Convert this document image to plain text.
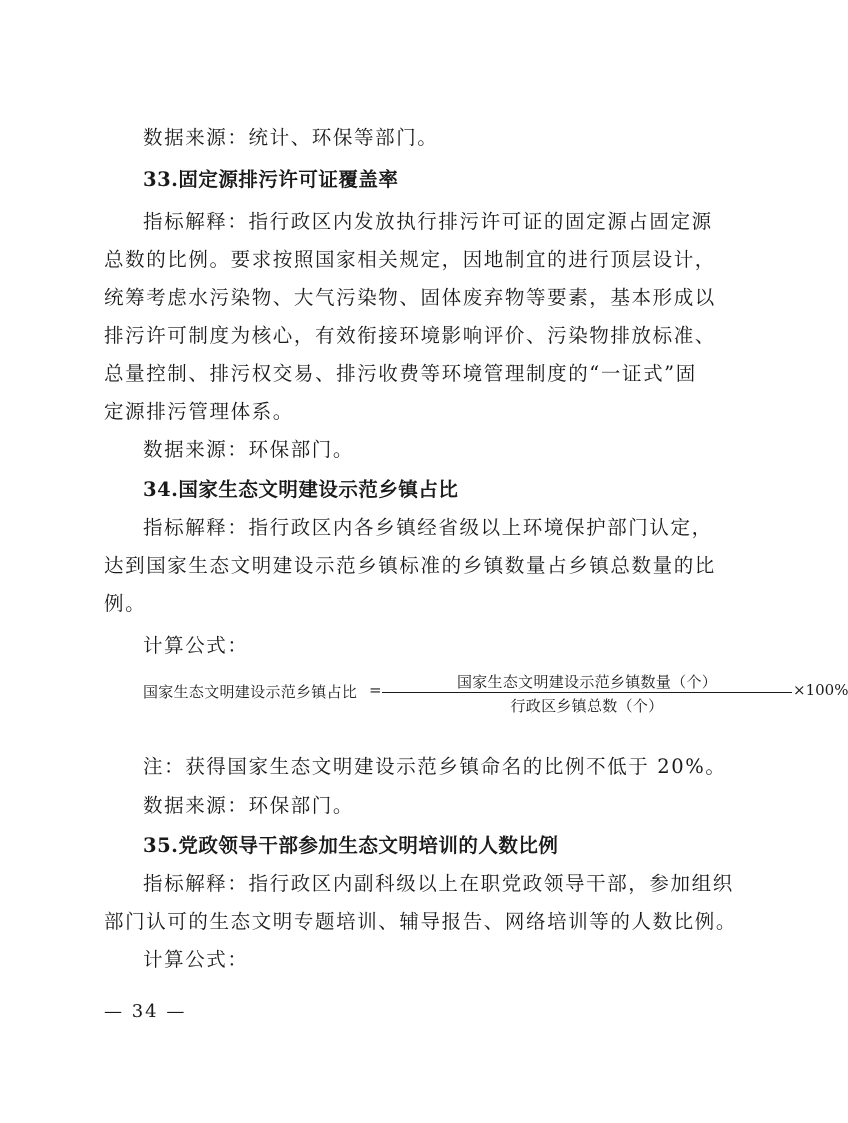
数据来源：统计、环保等部门。
33.固定源排污许可证覆盖率
指标解释：指行政区内发放执行排污许可证的固定源占固定源
总数的比例。要求按照国家相关规定，因地制宜的进行顶层设计，
统筹考虑水污染物、大气污染物、固体废弃物等要素，基本形成以
排污许可制度为核心，有效衔接环境影响评价、污染物排放标准、
总量控制、排污权交易、排污收费等环境管理制度的“一证式”固
定源排污管理体系。
数据来源：环保部门。
34.国家生态文明建设示范乡镇占比
指标解释：指行政区内各乡镇经省级以上环境保护部门认定，
达到国家生态文明建设示范乡镇标准的乡镇数量占乡镇总数量的比
例。
计算公式：
国家生态文明建设示范乡镇占比 =	国家生态文明建设示范乡镇数量（个）
行政区乡镇总数（个）
×100%
注：获得国家生态文明建设示范乡镇命名的比例不低于 20%。
数据来源：环保部门。
35.党政领导干部参加生态文明培训的人数比例
指标解释：指行政区内副科级以上在职党政领导干部，参加组织
部门认可的生态文明专题培训、辅导报告、网络培训等的人数比例。
计算公式：
— 34 —
